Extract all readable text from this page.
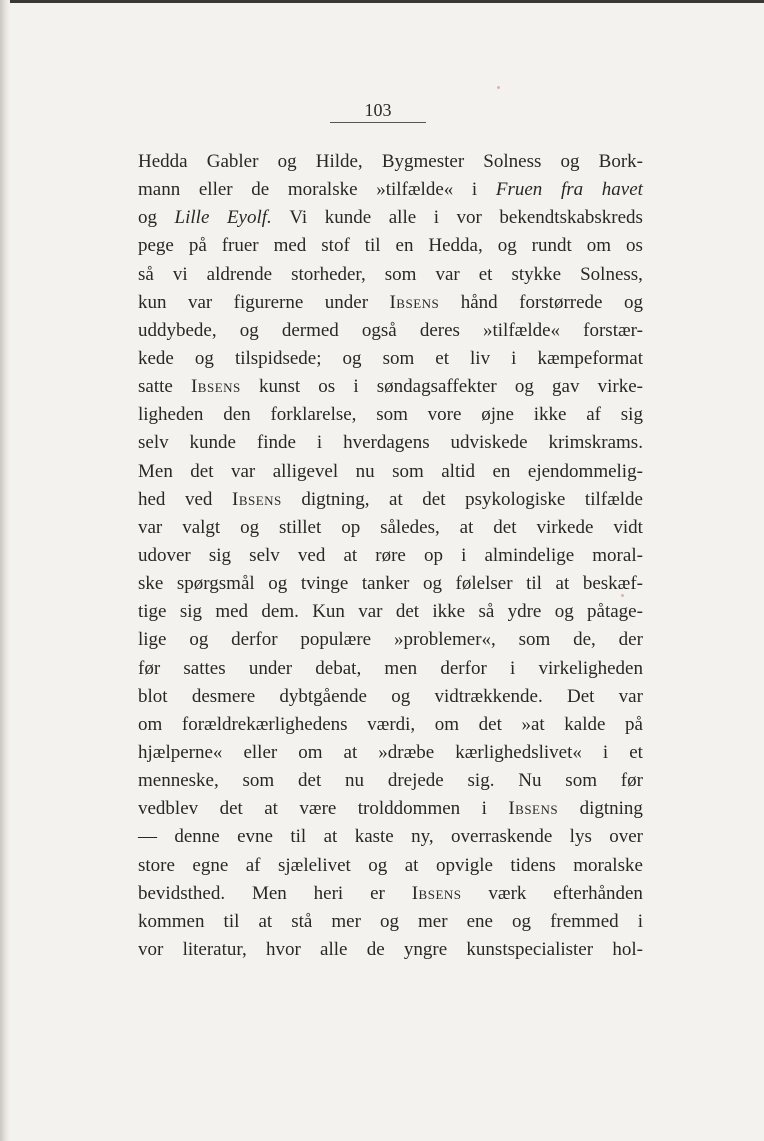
103
Hedda Gabler og Hilde, Bygmester Solness og Bork-
mann eller de moralske »tilfælde« i Fruen fra havet
og Lille Eyolf. Vi kunde alle i vor bekendtskabskreds
pege på fruer med stof til en Hedda, og rundt om os
så vi aldrende storheder, som var et stykke Solness,
kun var figurerne under Ibsens hånd forstørrede og
uddybede, og dermed også deres »tilfælde« forstær-
kede og tilspidsede; og som et liv i kæmpeformat
satte Ibsens kunst os i søndagsaffekter og gav virke-
ligheden den forklarelse, som vore øjne ikke af sig
selv kunde finde i hverdagens udviskede krimskrams.
Men det var alligevel nu som altid en ejendommelig-
hed ved Ibsens digtning, at det psykologiske tilfælde
var valgt og stillet op således, at det virkede vidt
udover sig selv ved at røre op i almindelige moral-
ske spørgsmål og tvinge tanker og følelser til at beskæf-
tige sig med dem. Kun var det ikke så ydre og påtage-
lige og derfor populære »problemer«, som de, der
før sattes under debat, men derfor i virkeligheden
blot desmere dybtgående og vidtrækkende. Det var
om forældrekærlighedens værdi, om det »at kalde på
hjælperne« eller om at »dræbe kærlighedslivet« i et
menneske, som det nu drejede sig. Nu som før
vedblev det at være trolddommen i Ibsens digtning
— denne evne til at kaste ny, overraskende lys over
store egne af sjælelivet og at opvigle tidens moralske
bevidsthed. Men heri er Ibsens værk efterhånden
kommen til at stå mer og mer ene og fremmed i
vor literatur, hvor alle de yngre kunstspecialister hol-
